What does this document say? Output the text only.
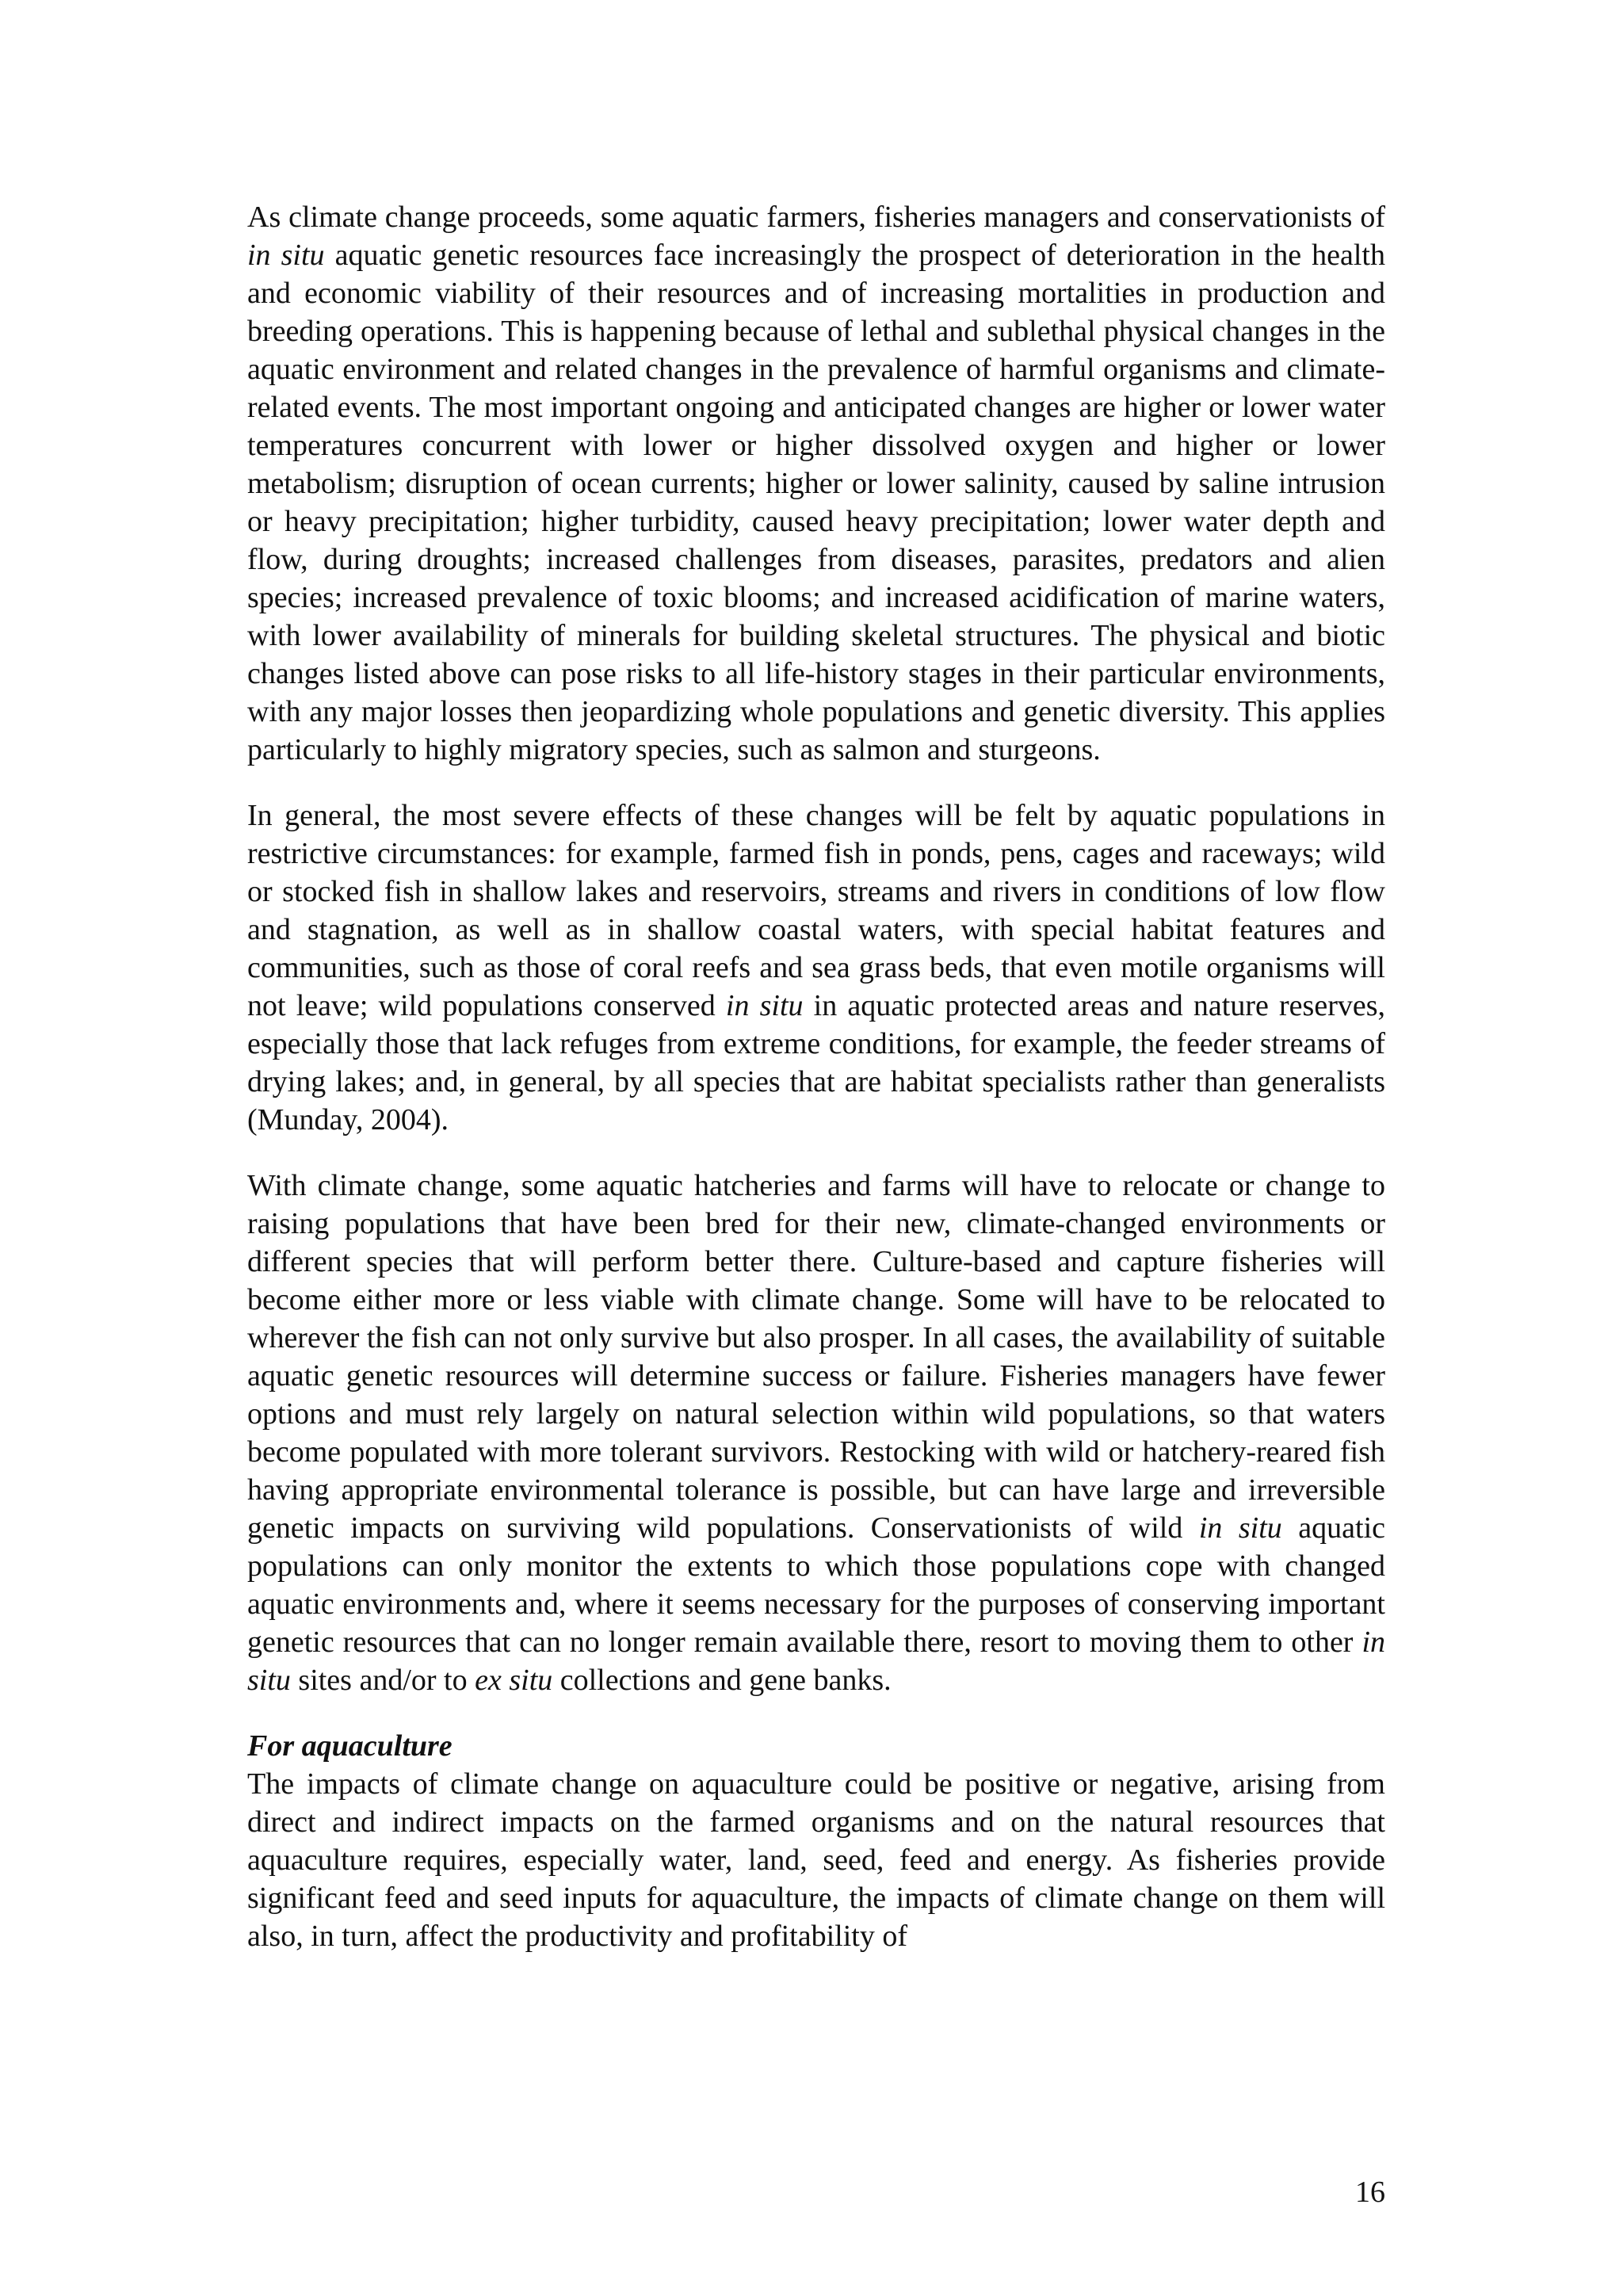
As climate change proceeds, some aquatic farmers, fisheries managers and conservationists of in situ aquatic genetic resources face increasingly the prospect of deterioration in the health and economic viability of their resources and of increasing mortalities in production and breeding operations. This is happening because of lethal and sublethal physical changes in the aquatic environment and related changes in the prevalence of harmful organisms and climate-related events. The most important ongoing and anticipated changes are higher or lower water temperatures concurrent with lower or higher dissolved oxygen and higher or lower metabolism; disruption of ocean currents; higher or lower salinity, caused by saline intrusion or heavy precipitation; higher turbidity, caused heavy precipitation; lower water depth and flow, during droughts; increased challenges from diseases, parasites, predators and alien species; increased prevalence of toxic blooms; and increased acidification of marine waters, with lower availability of minerals for building skeletal structures. The physical and biotic changes listed above can pose risks to all life-history stages in their particular environments, with any major losses then jeopardizing whole populations and genetic diversity. This applies particularly to highly migratory species, such as salmon and sturgeons.

In general, the most severe effects of these changes will be felt by aquatic populations in restrictive circumstances: for example, farmed fish in ponds, pens, cages and raceways; wild or stocked fish in shallow lakes and reservoirs, streams and rivers in conditions of low flow and stagnation, as well as in shallow coastal waters, with special habitat features and communities, such as those of coral reefs and sea grass beds, that even motile organisms will not leave; wild populations conserved in situ in aquatic protected areas and nature reserves, especially those that lack refuges from extreme conditions, for example, the feeder streams of drying lakes; and, in general, by all species that are habitat specialists rather than generalists (Munday, 2004).

With climate change, some aquatic hatcheries and farms will have to relocate or change to raising populations that have been bred for their new, climate-changed environments or different species that will perform better there. Culture-based and capture fisheries will become either more or less viable with climate change. Some will have to be relocated to wherever the fish can not only survive but also prosper. In all cases, the availability of suitable aquatic genetic resources will determine success or failure. Fisheries managers have fewer options and must rely largely on natural selection within wild populations, so that waters become populated with more tolerant survivors. Restocking with wild or hatchery-reared fish having appropriate environmental tolerance is possible, but can have large and irreversible genetic impacts on surviving wild populations. Conservationists of wild in situ aquatic populations can only monitor the extents to which those populations cope with changed aquatic environments and, where it seems necessary for the purposes of conserving important genetic resources that can no longer remain available there, resort to moving them to other in situ sites and/or to ex situ collections and gene banks.

For aquaculture

The impacts of climate change on aquaculture could be positive or negative, arising from direct and indirect impacts on the farmed organisms and on the natural resources that aquaculture requires, especially water, land, seed, feed and energy. As fisheries provide significant feed and seed inputs for aquaculture, the impacts of climate change on them will also, in turn, affect the productivity and profitability of

16
